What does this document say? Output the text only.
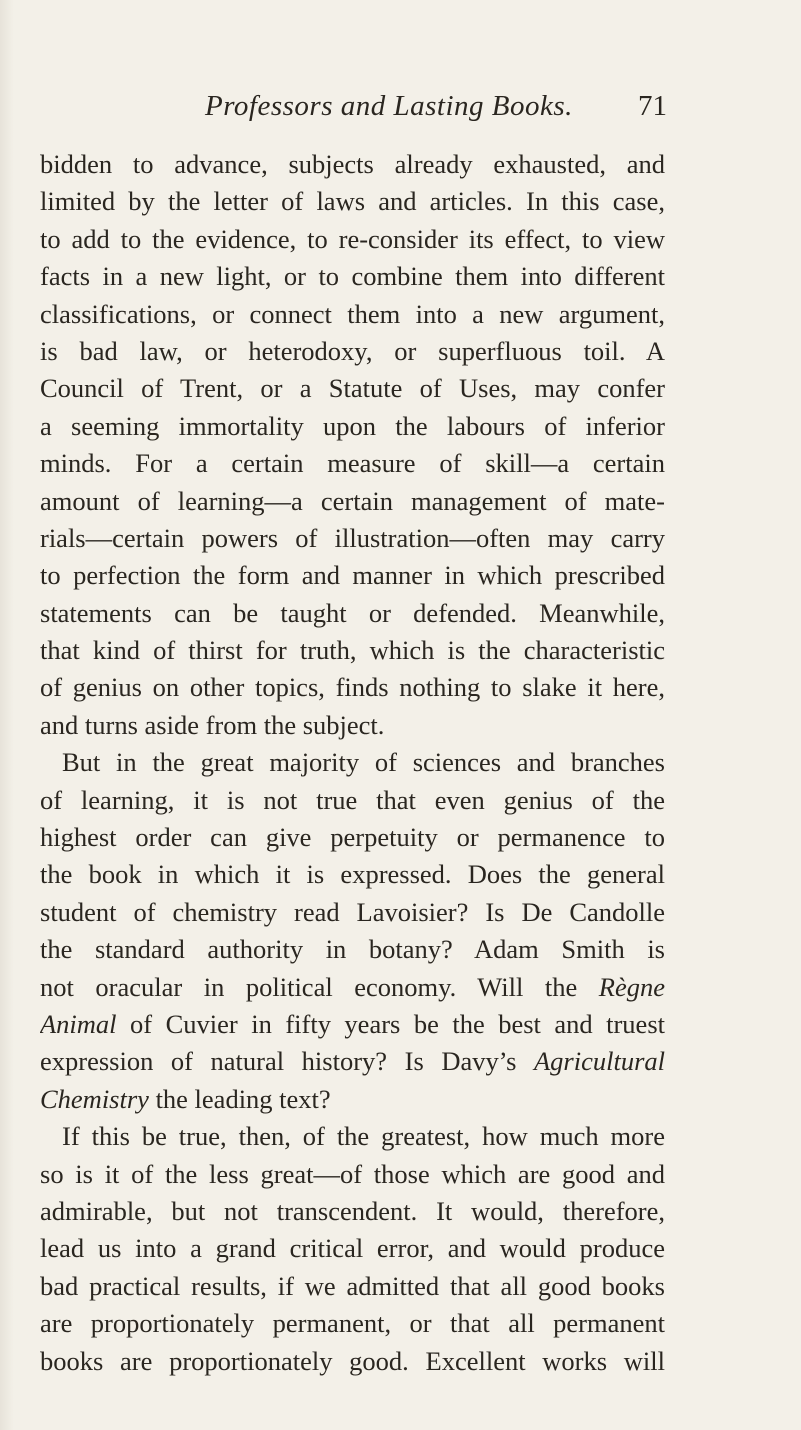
Professors and Lasting Books. 71
bidden to advance, subjects already exhausted, and
limited by the letter of laws and articles. In this case,
to add to the evidence, to re-consider its effect, to view
facts in a new light, or to combine them into different
classifications, or connect them into a new argument,
is bad law, or heterodoxy, or superfluous toil. A
Council of Trent, or a Statute of Uses, may confer
a seeming immortality upon the labours of inferior
minds. For a certain measure of skill—a certain
amount of learning—a certain management of mate-
rials—certain powers of illustration—often may carry
to perfection the form and manner in which prescribed
statements can be taught or defended. Meanwhile,
that kind of thirst for truth, which is the characteristic
of genius on other topics, finds nothing to slake it here,
and turns aside from the subject.
But in the great majority of sciences and branches
of learning, it is not true that even genius of the
highest order can give perpetuity or permanence to
the book in which it is expressed. Does the general
student of chemistry read Lavoisier? Is De Candolle
the standard authority in botany? Adam Smith is
not oracular in political economy. Will the Règne
Animal of Cuvier in fifty years be the best and truest
expression of natural history? Is Davy’s Agricultural
Chemistry the leading text?
If this be true, then, of the greatest, how much more
so is it of the less great—of those which are good and
admirable, but not transcendent. It would, therefore,
lead us into a grand critical error, and would produce
bad practical results, if we admitted that all good books
are proportionately permanent, or that all permanent
books are proportionately good. Excellent works will
